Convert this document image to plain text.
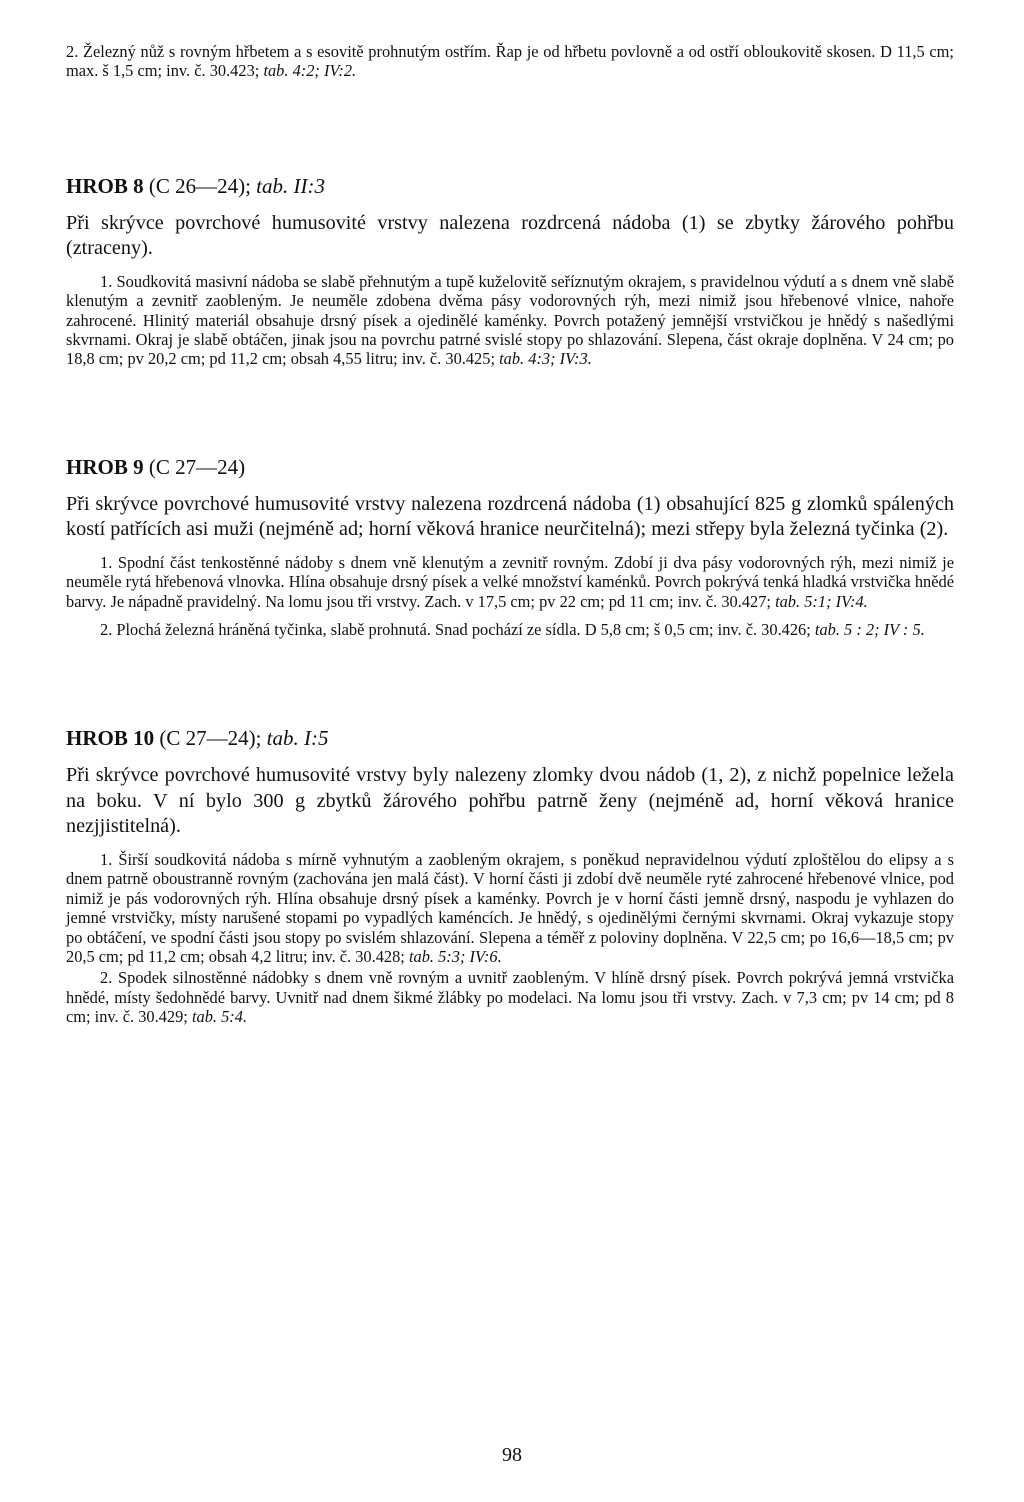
2. Železný nůž s rovným hřbetem a s esovitě prohnutým ostřím. Řap je od hřbetu povlovně a od ostří obloukovitě skosen. D 11,5 cm; max. š 1,5 cm; inv. č. 30.423; tab. 4:2; IV:2.

HROB 8 (C 26—24); tab. II:3

Při skrývce povrchové humusovité vrstvy nalezena rozdrcená nádoba (1) se zbytky žárového pohřbu (ztraceny).

1. Soudkovitá masivní nádoba se slabě přehnutým a tupě kuželovitě seříznutým okrajem, s pravidelnou výdutí a s dnem vně slabě klenutým a zevnitř zaobleným. Je neuměle zdobena dvěma pásy vodorovných rýh, mezi nimiž jsou hřebenové vlnice, nahoře zahrocené. Hlinitý materiál obsahuje drsný písek a ojedinělé kaménky. Povrch potažený jemnější vrstvičkou je hnědý s našedlými skvrnami. Okraj je slabě obtáčen, jinak jsou na povrchu patrné svislé stopy po shlazování. Slepena, část okraje doplněna. V 24 cm; po 18,8 cm; pv 20,2 cm; pd 11,2 cm; obsah 4,55 litru; inv. č. 30.425; tab. 4:3; IV:3.

HROB 9 (C 27—24)

Při skrývce povrchové humusovité vrstvy nalezena rozdrcená nádoba (1) obsahující 825 g zlomků spálených kostí patřících asi muži (nejméně ad; horní věková hranice neurčitelná); mezi střepy byla železná tyčinka (2).

1. Spodní část tenkostěnné nádoby s dnem vně klenutým a zevnitř rovným. Zdobí ji dva pásy vodorovných rýh, mezi nimiž je neuměle rytá hřebenová vlnovka. Hlína obsahuje drsný písek a velké množství kaménků. Povrch pokrývá tenká hladká vrstvička hnědé barvy. Je nápadně pravidelný. Na lomu jsou tři vrstvy. Zach. v 17,5 cm; pv 22 cm; pd 11 cm; inv. č. 30.427; tab. 5:1; IV:4.

2. Plochá železná hráněná tyčinka, slabě prohnutá. Snad pochází ze sídla. D 5,8 cm; š 0,5 cm; inv. č. 30.426; tab. 5 : 2; IV : 5.

HROB 10 (C 27—24); tab. I:5

Při skrývce povrchové humusovité vrstvy byly nalezeny zlomky dvou nádob (1, 2), z nichž popelnice ležela na boku. V ní bylo 300 g zbytků žárového pohřbu patrně ženy (nejméně ad, horní věková hranice nezjjistitelná).

1. Širší soudkovitá nádoba s mírně vyhnutým a zaobleným okrajem, s poněkud nepravidelnou výdutí zploštělou do elipsy a s dnem patrně oboustranně rovným (zachována jen malá část). V horní části ji zdobí dvě neuměle ryté zahrocené hřebenové vlnice, pod nimiž je pás vodorovných rýh. Hlína obsahuje drsný písek a kaménky. Povrch je v horní části jemně drsný, naspodu je vyhlazen do jemné vrstvičky, místy narušené stopami po vypadlých kaméncích. Je hnědý, s ojedinělými černými skvrnami. Okraj vykazuje stopy po obtáčení, ve spodní části jsou stopy po svislém shlazování. Slepena a téměř z poloviny doplněna. V 22,5 cm; po 16,6—18,5 cm; pv 20,5 cm; pd 11,2 cm; obsah 4,2 litru; inv. č. 30.428; tab. 5:3; IV:6.

2. Spodek silnostěnné nádobky s dnem vně rovným a uvnitř zaobleným. V hlíně drsný písek. Povrch pokrývá jemná vrstvička hnědé, místy šedohnědé barvy. Uvnitř nad dnem šikmé žlábky po modelaci. Na lomu jsou tři vrstvy. Zach. v 7,3 cm; pv 14 cm; pd 8 cm; inv. č. 30.429; tab. 5:4.

98
